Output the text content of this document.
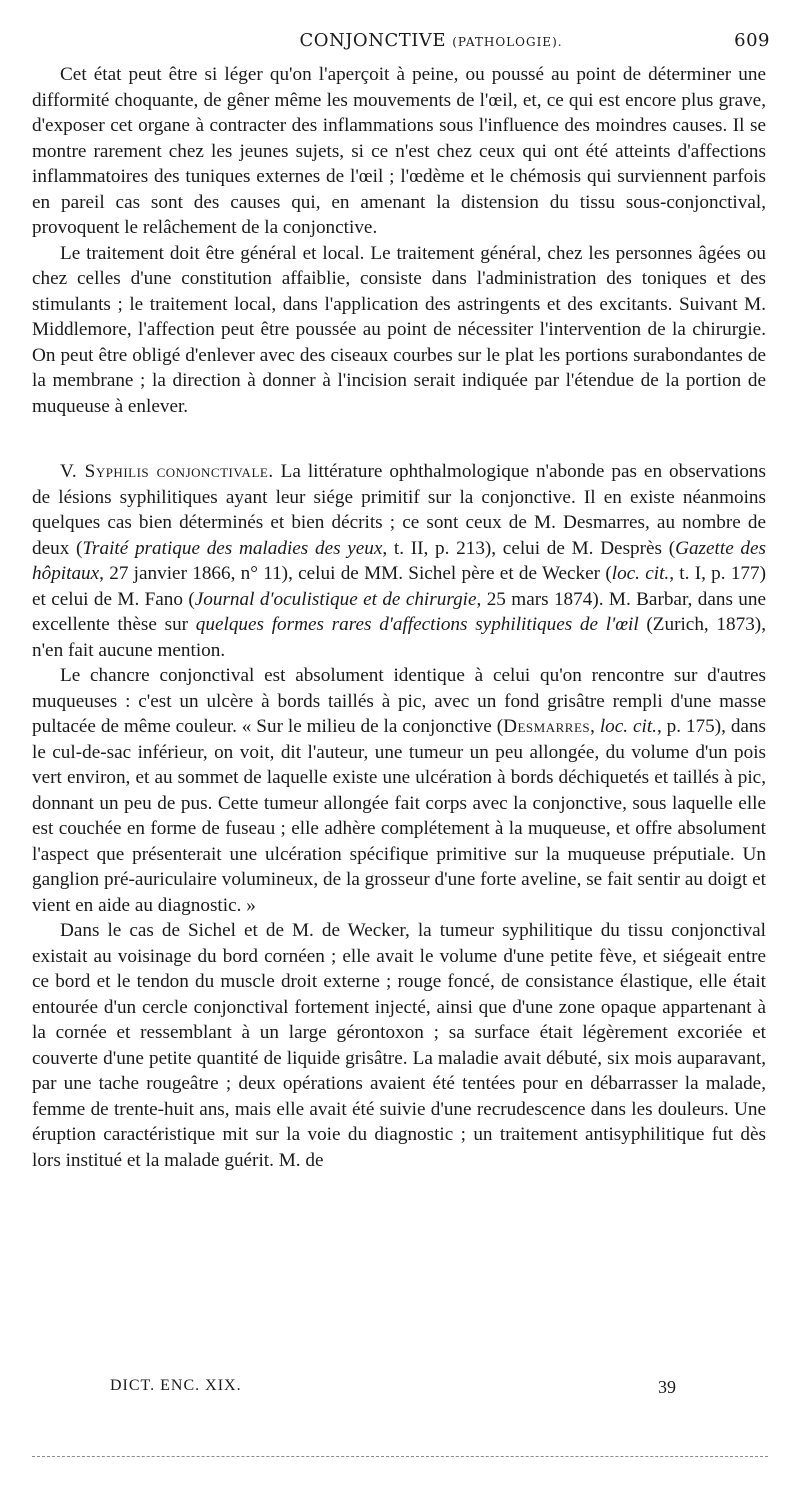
CONJONCTIVE (PATHOLOGIE).	609

Cet état peut être si léger qu'on l'aperçoit à peine, ou poussé au point de déterminer une difformité choquante, de gêner même les mouvements de l'œil, et, ce qui est encore plus grave, d'exposer cet organe à contracter des inflammations sous l'influence des moindres causes. Il se montre rarement chez les jeunes sujets, si ce n'est chez ceux qui ont été atteints d'affections inflammatoires des tuniques externes de l'œil ; l'œdème et le chémosis qui surviennent parfois en pareil cas sont des causes qui, en amenant la distension du tissu sous-conjonctival, provoquent le relâchement de la conjonctive.

Le traitement doit être général et local. Le traitement général, chez les personnes âgées ou chez celles d'une constitution affaiblie, consiste dans l'administration des toniques et des stimulants ; le traitement local, dans l'application des astringents et des excitants. Suivant M. Middlemore, l'affection peut être poussée au point de nécessiter l'intervention de la chirurgie. On peut être obligé d'enlever avec des ciseaux courbes sur le plat les portions surabondantes de la membrane ; la direction à donner à l'incision serait indiquée par l'étendue de la portion de muqueuse à enlever.

V. Syphilis conjonctivale. La littérature ophthalmologique n'abonde pas en observations de lésions syphilitiques ayant leur siége primitif sur la conjonctive. Il en existe néanmoins quelques cas bien déterminés et bien décrits ; ce sont ceux de M. Desmarres, au nombre de deux (Traité pratique des maladies des yeux, t. II, p. 213), celui de M. Desprès (Gazette des hôpitaux, 27 janvier 1866, n° 11), celui de MM. Sichel père et de Wecker (loc. cit., t. I, p. 177) et celui de M. Fano (Journal d'oculistique et de chirurgie, 25 mars 1874). M. Barbar, dans une excellente thèse sur quelques formes rares d'affections syphilitiques de l'œil (Zurich, 1873), n'en fait aucune mention.

Le chancre conjonctival est absolument identique à celui qu'on rencontre sur d'autres muqueuses : c'est un ulcère à bords taillés à pic, avec un fond grisâtre rempli d'une masse pultacée de même couleur. « Sur le milieu de la conjonctive (Desmarres, loc. cit., p. 175), dans le cul-de-sac inférieur, on voit, dit l'auteur, une tumeur un peu allongée, du volume d'un pois vert environ, et au sommet de laquelle existe une ulcération à bords déchiquetés et taillés à pic, donnant un peu de pus. Cette tumeur allongée fait corps avec la conjonctive, sous laquelle elle est couchée en forme de fuseau ; elle adhère complétement à la muqueuse, et offre absolument l'aspect que présenterait une ulcération spécifique primitive sur la muqueuse préputiale. Un ganglion pré-auriculaire volumineux, de la grosseur d'une forte aveline, se fait sentir au doigt et vient en aide au diagnostic. »

Dans le cas de Sichel et de M. de Wecker, la tumeur syphilitique du tissu conjonctival existait au voisinage du bord cornéen ; elle avait le volume d'une petite fève, et siégeait entre ce bord et le tendon du muscle droit externe ; rouge foncé, de consistance élastique, elle était entourée d'un cercle conjonctival fortement injecté, ainsi que d'une zone opaque appartenant à la cornée et ressemblant à un large gérontoxon ; sa surface était légèrement excoriée et couverte d'une petite quantité de liquide grisâtre. La maladie avait débuté, six mois auparavant, par une tache rougeâtre ; deux opérations avaient été tentées pour en débarrasser la malade, femme de trente-huit ans, mais elle avait été suivie d'une recrudescence dans les douleurs. Une éruption caractéristique mit sur la voie du diagnostic ; un traitement antisyphilitique fut dès lors institué et la malade guérit. M. de

DICT. ENC. XIX.	39
